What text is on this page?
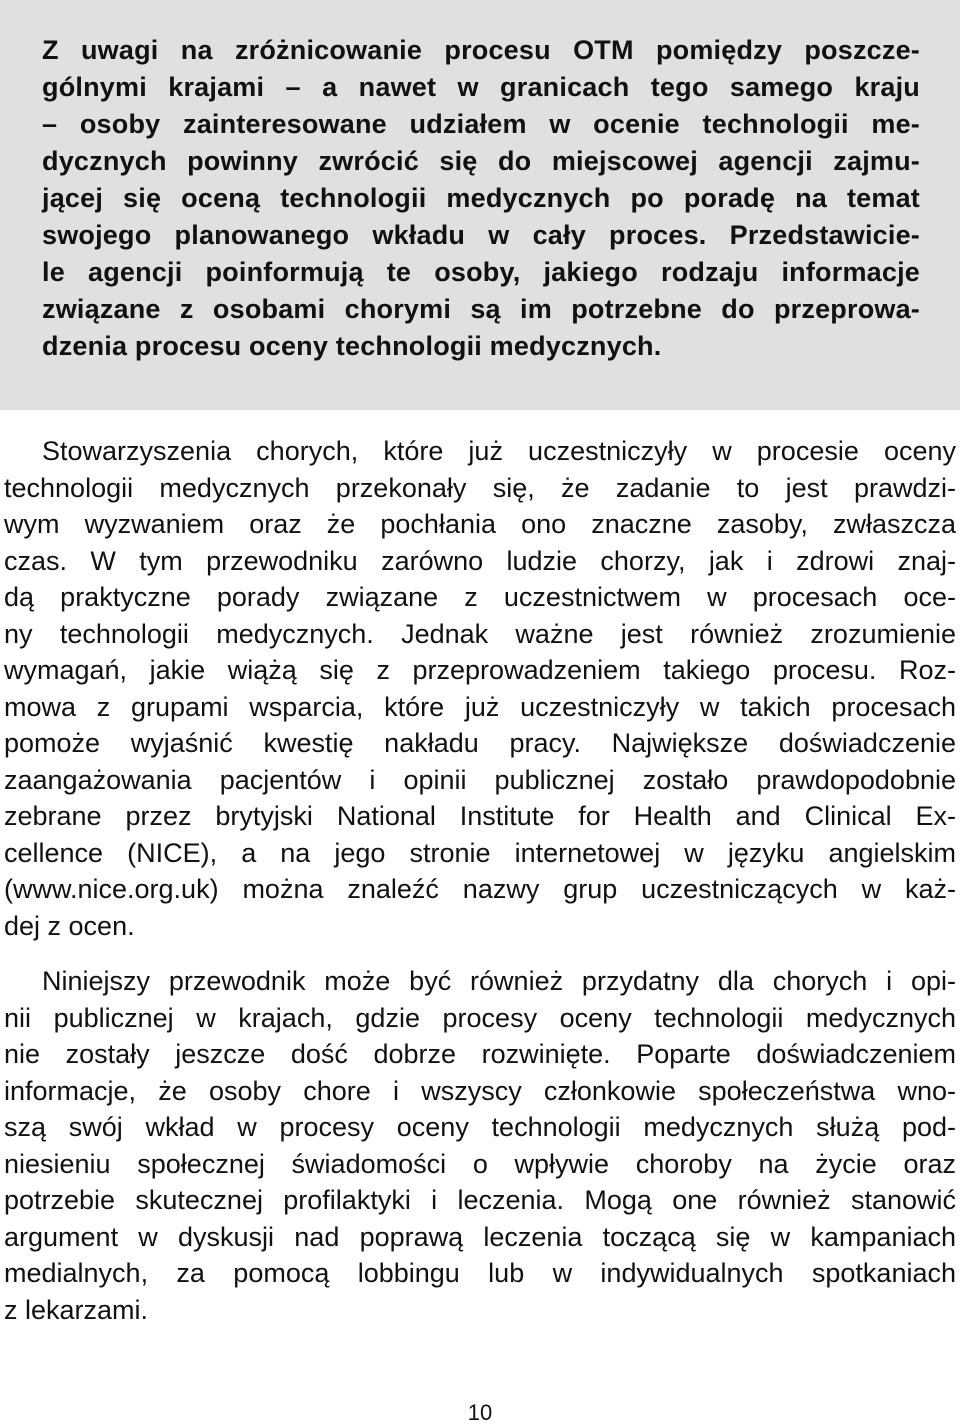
Z uwagi na zróżnicowanie procesu OTM pomiędzy poszcze-
gólnymi krajami – a nawet w granicach tego samego kraju
– osoby zainteresowane udziałem w ocenie technologii me-
dycznych powinny zwrócić się do miejscowej agencji zajmu-
jącej się oceną technologii medycznych po poradę na temat
swojego planowanego wkładu w cały proces. Przedstawicie-
le agencji poinformują te osoby, jakiego rodzaju informacje
związane z osobami chorymi są im potrzebne do przeprowa-
dzenia procesu oceny technologii medycznych.
Stowarzyszenia chorych, które już uczestniczyły w procesie oceny
technologii medycznych przekonały się, że zadanie to jest prawdzi-
wym wyzwaniem oraz że pochłania ono znaczne zasoby, zwłaszcza
czas. W tym przewodniku zarówno ludzie chorzy, jak i zdrowi znaj-
dą praktyczne porady związane z uczestnictwem w procesach oce-
ny technologii medycznych. Jednak ważne jest również zrozumienie
wymagań, jakie wiążą się z przeprowadzeniem takiego procesu. Roz-
mowa z grupami wsparcia, które już uczestniczyły w takich procesach
pomoże wyjaśnić kwestię nakładu pracy. Największe doświadczenie
zaangażowania pacjentów i opinii publicznej zostało prawdopodobnie
zebrane przez brytyjski National Institute for Health and Clinical Ex-
cellence (NICE), a na jego stronie internetowej w języku angielskim
(www.nice.org.uk) można znaleźć nazwy grup uczestniczących w każ-
dej z ocen.
Niniejszy przewodnik może być również przydatny dla chorych i opi-
nii publicznej w krajach, gdzie procesy oceny technologii medycznych
nie zostały jeszcze dość dobrze rozwinięte. Poparte doświadczeniem
informacje, że osoby chore i wszyscy członkowie społeczeństwa wno-
szą swój wkład w procesy oceny technologii medycznych służą pod-
niesieniu społecznej świadomości o wpływie choroby na życie oraz
potrzebie skutecznej profilaktyki i leczenia. Mogą one również stanowić
argument w dyskusji nad poprawą leczenia toczącą się w kampaniach
medialnych, za pomocą lobbingu lub w indywidualnych spotkaniach
z lekarzami.
10
